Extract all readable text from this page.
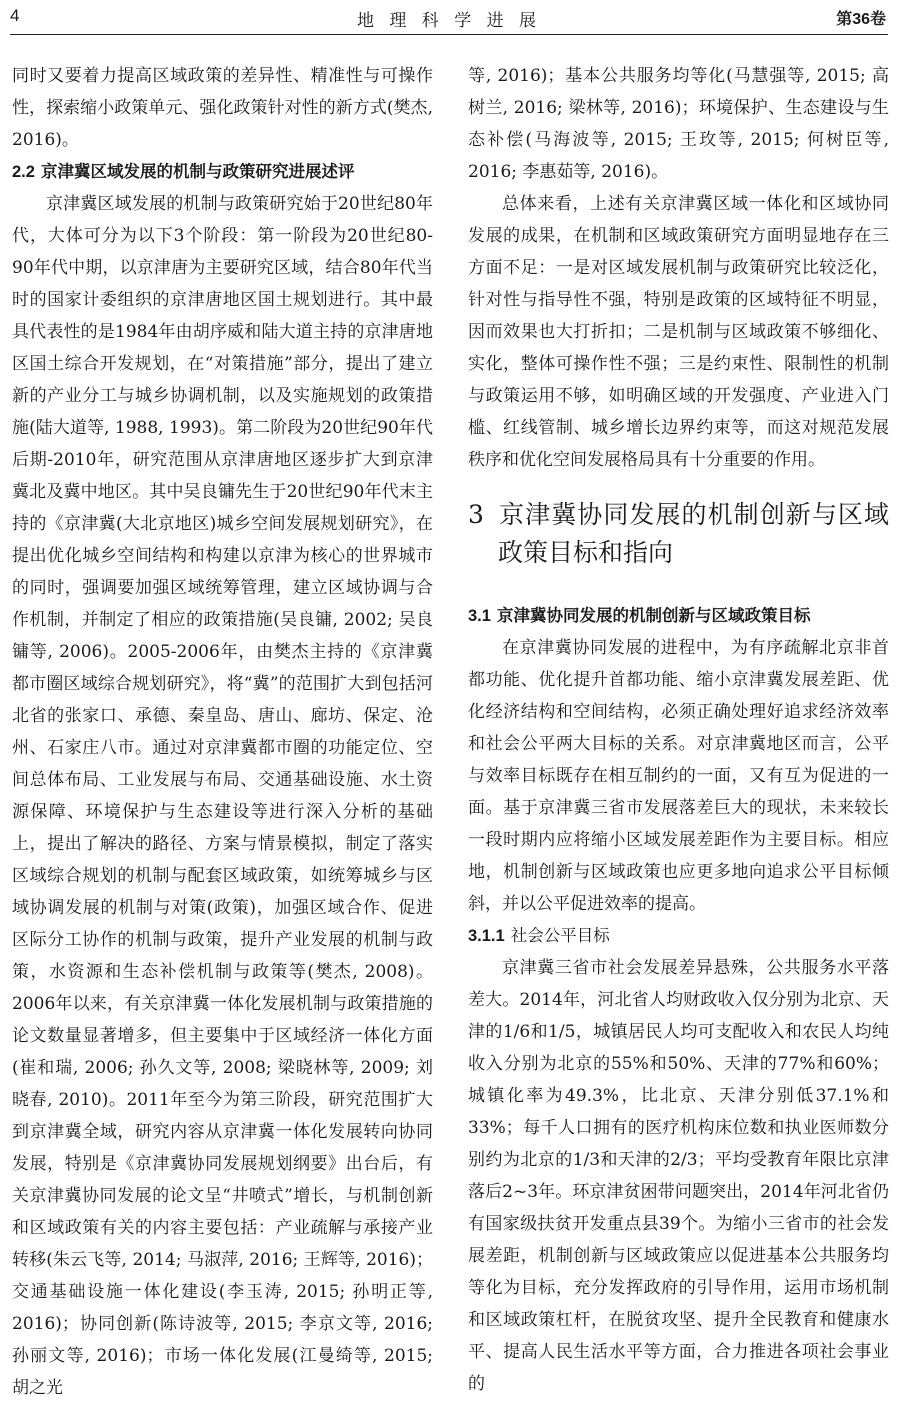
4	地 理 科 学 进 展	第36卷

同时又要着力提高区域政策的差异性、精准性与可操作性，探索缩小政策单元、强化政策针对性的新方式(樊杰, 2016)。

2.2 京津冀区域发展的机制与政策研究进展述评

京津冀区域发展的机制与政策研究始于20世纪80年代，大体可分为以下3个阶段：第一阶段为20世纪80-90年代中期，以京津唐为主要研究区域，结合80年代当时的国家计委组织的京津唐地区国土规划进行。其中最具代表性的是1984年由胡序威和陆大道主持的京津唐地区国土综合开发规划，在“对策措施”部分，提出了建立新的产业分工与城乡协调机制，以及实施规划的政策措施(陆大道等, 1988, 1993)。第二阶段为20世纪90年代后期-2010年，研究范围从京津唐地区逐步扩大到京津冀北及冀中地区。其中吴良镛先生于20世纪90年代末主持的《京津冀(大北京地区)城乡空间发展规划研究》，在提出优化城乡空间结构和构建以京津为核心的世界城市的同时，强调要加强区域统筹管理，建立区域协调与合作机制，并制定了相应的政策措施(吴良镛, 2002; 吴良镛等, 2006)。2005-2006年，由樊杰主持的《京津冀都市圈区域综合规划研究》，将“冀”的范围扩大到包括河北省的张家口、承德、秦皇岛、唐山、廊坊、保定、沧州、石家庄八市。通过对京津冀都市圈的功能定位、空间总体布局、工业发展与布局、交通基础设施、水土资源保障、环境保护与生态建设等进行深入分析的基础上，提出了解决的路径、方案与情景模拟，制定了落实区域综合规划的机制与配套区域政策，如统筹城乡与区域协调发展的机制与对策(政策)，加强区域合作、促进区际分工协作的机制与政策，提升产业发展的机制与政策，水资源和生态补偿机制与政策等(樊杰, 2008)。2006年以来，有关京津冀一体化发展机制与政策措施的论文数量显著增多，但主要集中于区域经济一体化方面(崔和瑞, 2006; 孙久文等, 2008; 梁晓林等, 2009; 刘晓春, 2010)。2011年至今为第三阶段，研究范围扩大到京津冀全域，研究内容从京津冀一体化发展转向协同发展，特别是《京津冀协同发展规划纲要》出台后，有关京津冀协同发展的论文呈“井喷式”增长，与机制创新和区域政策有关的内容主要包括：产业疏解与承接产业转移(朱云飞等, 2014; 马淑萍, 2016; 王辉等, 2016)；交通基础设施一体化建设(李玉涛, 2015; 孙明正等, 2016)；协同创新(陈诗波等, 2015; 李京文等, 2016; 孙丽文等, 2016)；市场一体化发展(江曼绮等, 2015; 胡之光

等, 2016)；基本公共服务均等化(马慧强等, 2015; 高树兰, 2016; 梁林等, 2016)；环境保护、生态建设与生态补偿(马海波等, 2015; 王玫等, 2015; 何树臣等, 2016; 李惠茹等, 2016)。

总体来看，上述有关京津冀区域一体化和区域协同发展的成果，在机制和区域政策研究方面明显地存在三方面不足：一是对区域发展机制与政策研究比较泛化，针对性与指导性不强，特别是政策的区域特征不明显，因而效果也大打折扣；二是机制与区域政策不够细化、实化，整体可操作性不强；三是约束性、限制性的机制与政策运用不够，如明确区域的开发强度、产业进入门槛、红线管制、城乡增长边界约束等，而这对规范发展秩序和优化空间发展格局具有十分重要的作用。

3 京津冀协同发展的机制创新与区域政策目标和指向
3.1 京津冀协同发展的机制创新与区域政策目标

在京津冀协同发展的进程中，为有序疏解北京非首都功能、优化提升首都功能、缩小京津冀发展差距、优化经济结构和空间结构，必须正确处理好追求经济效率和社会公平两大目标的关系。对京津冀地区而言，公平与效率目标既存在相互制约的一面，又有互为促进的一面。基于京津冀三省市发展落差巨大的现状，未来较长一段时期内应将缩小区域发展差距作为主要目标。相应地，机制创新与区域政策也应更多地向追求公平目标倾斜，并以公平促进效率的提高。

3.1.1 社会公平目标

京津冀三省市社会发展差异悬殊，公共服务水平落差大。2014年，河北省人均财政收入仅分别为北京、天津的1/6和1/5，城镇居民人均可支配收入和农民人均纯收入分别为北京的55%和50%、天津的77%和60%；城镇化率为49.3%，比北京、天津分别低37.1%和33%；每千人口拥有的医疗机构床位数和执业医师数分别约为北京的1/3和天津的2/3；平均受教育年限比京津落后2~3年。环京津贫困带问题突出，2014年河北省仍有国家级扶贫开发重点县39个。为缩小三省市的社会发展差距，机制创新与区域政策应以促进基本公共服务均等化为目标，充分发挥政府的引导作用，运用市场机制和区域政策杠杆，在脱贫攻坚、提升全民教育和健康水平、提高人民生活水平等方面，合力推进各项社会事业的
